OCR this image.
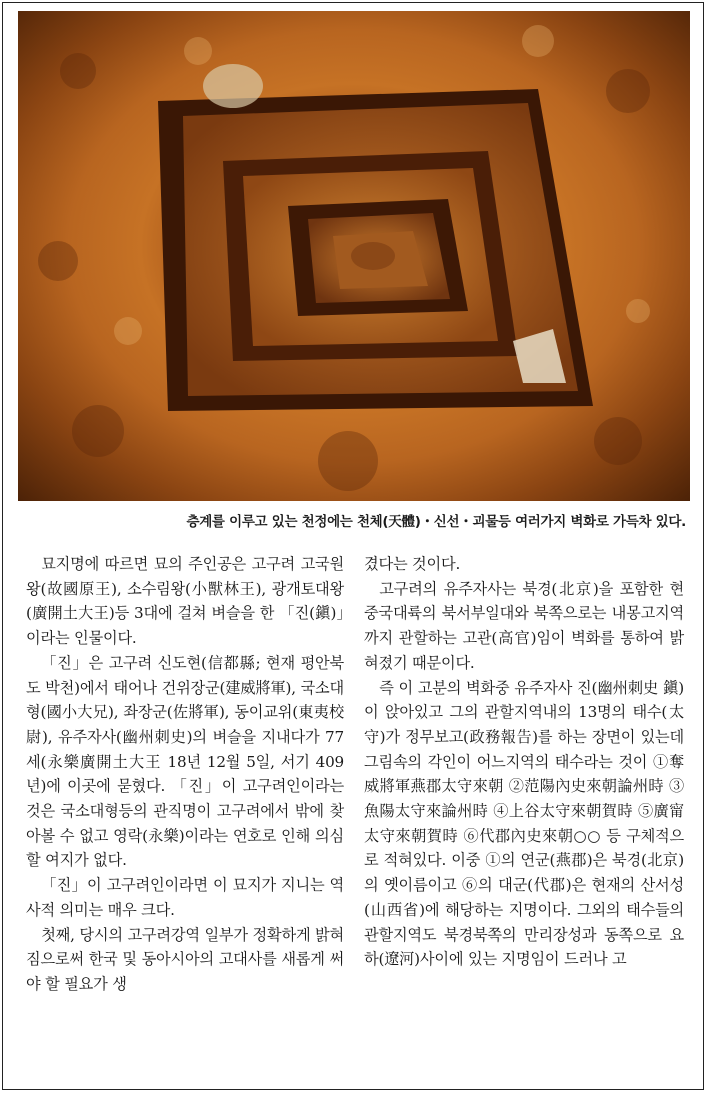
층계를 이루고 있는 천정에는 천체(天體)・신선・괴물등 여러가지 벽화로 가득차 있다.

묘지명에 따르면 묘의 주인공은 고구려 고국원왕(故國原王), 소수림왕(小獸林王), 광개토대왕(廣開土大王)등 3대에 걸쳐 벼슬을 한 「진(鎭)」이라는 인물이다.

「진」은 고구려 신도현(信都縣; 현재 평안북도 박천)에서 태어나 건위장군(建威將軍), 국소대형(國小大兄), 좌장군(佐將軍), 동이교위(東夷校尉), 유주자사(幽州刺史)의 벼슬을 지내다가 77세(永樂廣開土大王 18년 12월 5일, 서기 409년)에 이곳에 묻혔다. 「진」이 고구려인이라는 것은 국소대형등의 관직명이 고구려에서 밖에 찾아볼 수 없고 영락(永樂)이라는 연호로 인해 의심할 여지가 없다.

「진」이 고구려인이라면 이 묘지가 지니는 역사적 의미는 매우 크다.

첫째, 당시의 고구려강역 일부가 정확하게 밝혀짐으로써 한국 및 동아시아의 고대사를 새롭게 써야 할 필요가 생

겼다는 것이다.

고구려의 유주자사는 북경(北京)을 포함한 현 중국대륙의 북서부일대와 북쪽으로는 내몽고지역까지 관할하는 고관(高官)임이 벽화를 통하여 밝혀졌기 때문이다.

즉 이 고분의 벽화중 유주자사 진(幽州刺史 鎭)이 앉아있고 그의 관할지역내의 13명의 태수(太守)가 정무보고(政務報告)를 하는 장면이 있는데 그림속의 각인이 어느지역의 태수라는 것이 ①奪威將軍燕郡太守來朝 ②范陽內史來朝論州時 ③魚陽太守來論州時 ④上谷太守來朝賀時 ⑤廣甯太守來朝賀時 ⑥代郡內史來朝○○ 등 구체적으로 적혀있다. 이중 ①의 연군(燕郡)은 북경(北京)의 옛이름이고 ⑥의 대군(代郡)은 현재의 산서성(山西省)에 해당하는 지명이다. 그외의 태수들의 관할지역도 북경북쪽의 만리장성과 동쪽으로 요하(遼河)사이에 있는 지명임이 드러나 고
